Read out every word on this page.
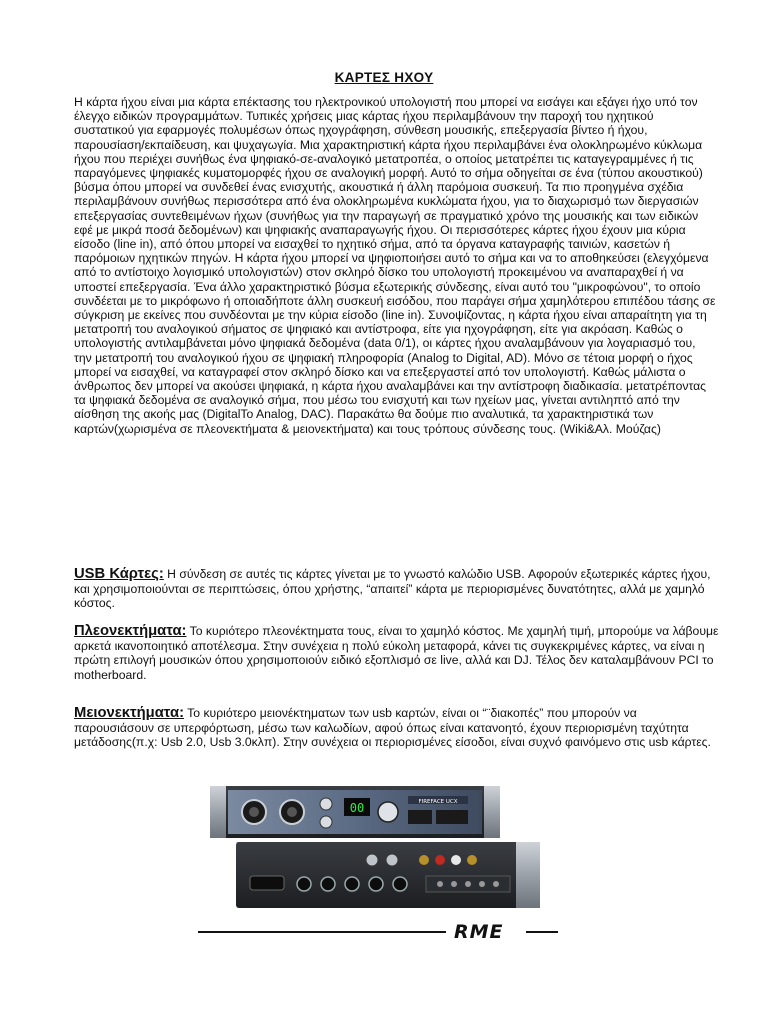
ΚΑΡΤΕΣ ΗΧΟΥ

Η κάρτα ήχου είναι μια κάρτα επέκτασης του ηλεκτρονικού υπολογιστή που μπορεί να εισάγει και εξάγει ήχο υπό τον έλεγχο ειδικών προγραμμάτων. Τυπικές χρήσεις μιας κάρτας ήχου περιλαμβάνουν την παροχή του ηχητικού συστατικού για εφαρμογές πολυμέσων όπως ηχογράφηση, σύνθεση μουσικής, επεξεργασία βίντεο ή ήχου, παρουσίαση/εκπαίδευση, και ψυχαγωγία. Μια χαρακτηριστική κάρτα ήχου περιλαμβάνει ένα ολοκληρωμένο κύκλωμα ήχου που περιέχει συνήθως ένα ψηφιακό-σε-αναλογικό μετατροπέα, ο οποίος μετατρέπει τις καταγεγραμμένες ή τις παραγόμενες ψηφιακές κυματομορφές ήχου σε αναλογική μορφή. Αυτό το σήμα οδηγείται σε ένα (τύπου ακουστικού) βύσμα όπου μπορεί να συνδεθεί ένας ενισχυτής, ακουστικά ή άλλη παρόμοια συσκευή. Τα πιο προηγμένα σχέδια περιλαμβάνουν συνήθως περισσότερα από ένα ολοκληρωμένα κυκλώματα ήχου, για το διαχωρισμό των διεργασιών επεξεργασίας συντεθειμένων ήχων (συνήθως για την παραγωγή σε πραγματικό χρόνο της μουσικής και των ειδικών εφέ με μικρά ποσά δεδομένων) και ψηφιακής αναπαραγωγής ήχου. Οι περισσότερες κάρτες ήχου έχουν μια κύρια είσοδο (line in), από όπου μπορεί να εισαχθεί το ηχητικό σήμα, από τα όργανα καταγραφής ταινιών, κασετών ή παρόμοιων ηχητικών πηγών. Η κάρτα ήχου μπορεί να ψηφιοποιήσει αυτό το σήμα και να το αποθηκεύσει (ελεγχόμενα από το αντίστοιχο λογισμικό υπολογιστών) στον σκληρό δίσκο του υπολογιστή προκειμένου να αναπαραχθεί ή να υποστεί επεξεργασία. Ένα άλλο χαρακτηριστικό βύσμα εξωτερικής σύνδεσης, είναι αυτό του "μικροφώνου", το οποίο συνδέεται με το μικρόφωνο ή οποιαδήποτε άλλη συσκευή εισόδου, που παράγει σήμα χαμηλότερου επιπέδου τάσης σε σύγκριση με εκείνες που συνδέονται με την κύρια είσοδο (line in). Συνοψίζοντας, η κάρτα ήχου είναι απαραίτητη για τη μετατροπή του αναλογικού σήματος σε ψηφιακό και αντίστροφα, είτε για ηχογράφηση, είτε για ακρόαση. Καθώς ο υπολογιστής αντιλαμβάνεται μόνο ψηφιακά δεδομένα (data 0/1), οι κάρτες ήχου αναλαμβάνουν για λογαριασμό του, την μετατροπή του αναλογικού ήχου σε ψηφιακή πληροφορία (Analog to Digital, AD). Μόνο σε τέτοια μορφή ο ήχος μπορεί να εισαχθεί, να καταγραφεί στον σκληρό δίσκο και να επεξεργαστεί από τον υπολογιστή. Καθώς μάλιστα ο άνθρωπος δεν μπορεί να ακούσει ψηφιακά, η κάρτα ήχου αναλαμβάνει και την αντίστροφη διαδικασία. μετατρέποντας τα ψηφιακά δεδομένα σε αναλογικό σήμα, που μέσω του ενισχυτή και των ηχείων μας, γίνεται αντιληπτό από την αίσθηση της ακοής μας (DigitalTo Analog, DAC). Παρακάτω θα δούμε πιο αναλυτικά, τα χαρακτηριστικά των καρτών(χωρισμένα σε πλεονεκτήματα & μειονεκτήματα) και τους τρόπους σύνδεσης τους. (Wiki&Αλ. Μούζας)

USB Κάρτες: Η σύνδεση σε αυτές τις κάρτες γίνεται με το γνωστό καλώδιο USB. Αφορούν εξωτερικές κάρτες ήχου, και χρησιμοποιούνται σε περιπτώσεις, όπου χρήστης, “απαιτεί” κάρτα με περιορισμένες δυνατότητες, αλλά με χαμηλό κόστος.

Πλεονεκτήματα: Το κυριότερο πλεονέκτηματα τους, είναι το χαμηλό κόστος. Με χαμηλή τιμή, μπορούμε να λάβουμε αρκετά ικανοποιητικό αποτέλεσμα. Στην συνέχεια η πολύ εύκολη μεταφορά, κάνει τις συγκεκριμένες κάρτες, να είναι η πρώτη επιλογή μουσικών όπου χρησιμοποιούν ειδικό εξοπλισμό σε live, αλλά και DJ. Τέλος δεν καταλαμβάνουν PCI το motherboard.

Μειονεκτήματα: Το κυριότερο μειονέκτηματων των usb καρτών, είναι οι “¨διακοπές” που μπορούν να παρουσιάσουν σε υπερφόρτωση, μέσω των καλωδίων, αφού όπως είναι κατανοητό, έχουν περιορισμένη ταχύτητα μετάδοσης(π.χ: Usb 2.0, Usb 3.0κλπ). Στην συνέχεια οι περιορισμένες είσοδοι, είναι συχνό φαινόμενο στις usb κάρτες.

00	FIREFACE UCX
RME
